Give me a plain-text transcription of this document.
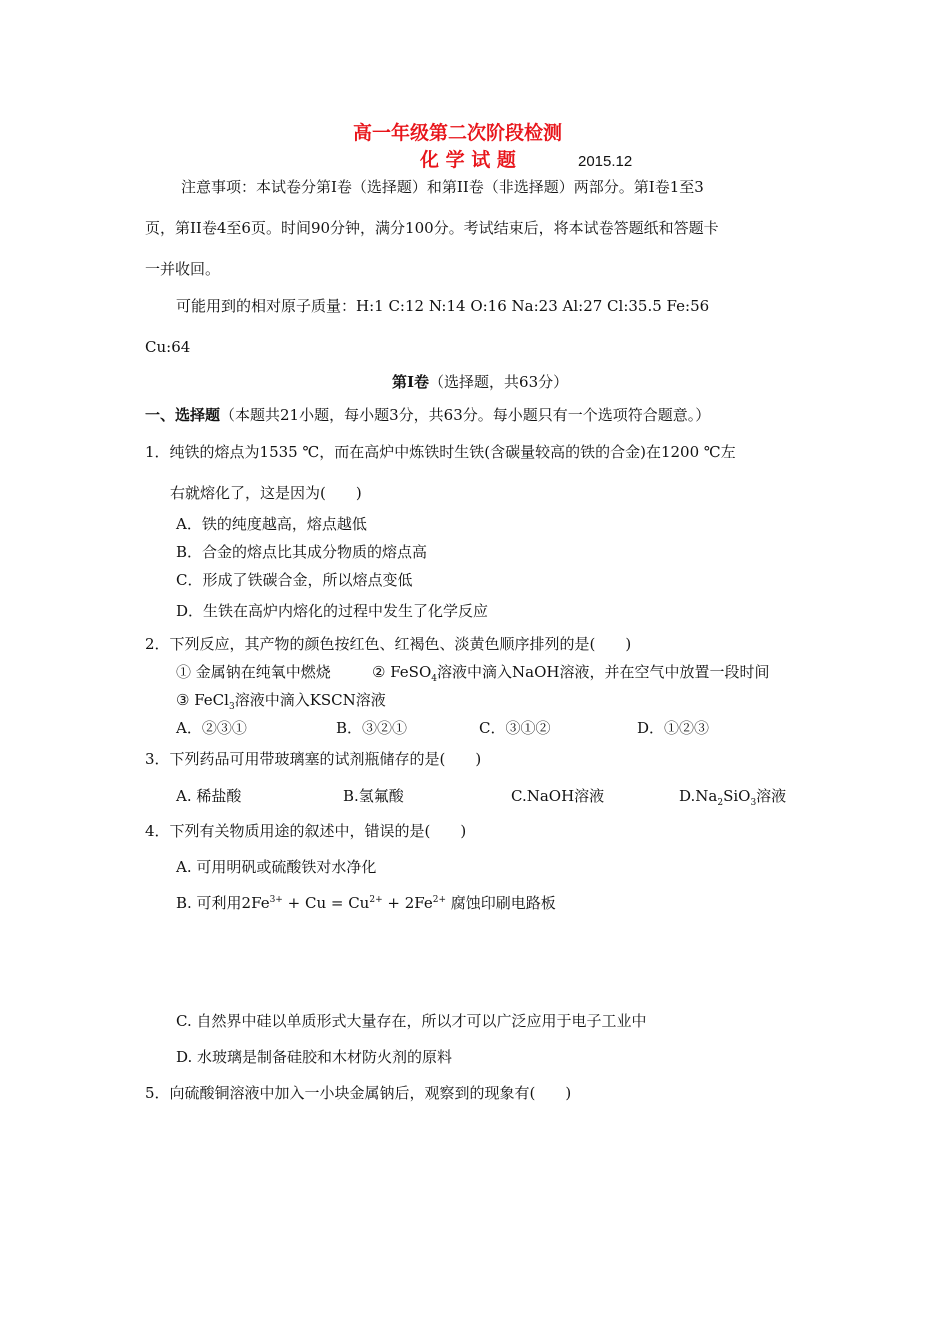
高一年级第二次阶段检测
化 学 试 题	2015.12
注意事项：本试卷分第Ⅰ卷（选择题）和第II卷（非选择题）两部分。第Ⅰ卷1至3
页，第II卷4至6页。时间90分钟，满分100分。考试结束后，将本试卷答题纸和答题卡
一并收回。
可能用到的相对原子质量：H:1 C:12 N:14 O:16 Na:23 Al:27 Cl:35.5 Fe:56
Cu:64
第Ⅰ卷（选择题，共63分）
一、选择题（本题共21小题，每小题3分，共63分。每小题只有一个选项符合题意。）
1．纯铁的熔点为1535 ℃，而在高炉中炼铁时生铁(含碳量较高的铁的合金)在1200 ℃左
右就熔化了，这是因为(　　)
A．铁的纯度越高，熔点越低
B．合金的熔点比其成分物质的熔点高
C．形成了铁碳合金，所以熔点变低
D．生铁在高炉内熔化的过程中发生了化学反应
2．下列反应，其产物的颜色按红色、红褐色、淡黄色顺序排列的是(　　)
① 金属钠在纯氧中燃烧	② FeSO$_4$溶液中滴入NaOH溶液，并在空气中放置一段时间
③ FeCl$_3$溶液中滴入KSCN溶液
A．②③①	B．③②①	C．③①②	D．①②③
3．下列药品可用带玻璃塞的试剂瓶储存的是(　　)
A. 稀盐酸	B.氢氟酸	C.NaOH溶液	$D.Na_2SiO_3$溶液
4．下列有关物质用途的叙述中，错误的是(　　)
A. 可用明矾或硫酸铁对水净化
B. 可利用$2Fe^{3+} + Cu = Cu^{2+} + 2Fe^{2+}$ 腐蚀印刷电路板
C. 自然界中硅以单质形式大量存在，所以才可以广泛应用于电子工业中
D. 水玻璃是制备硅胶和木材防火剂的原料
5．向硫酸铜溶液中加入一小块金属钠后，观察到的现象有(　　)
